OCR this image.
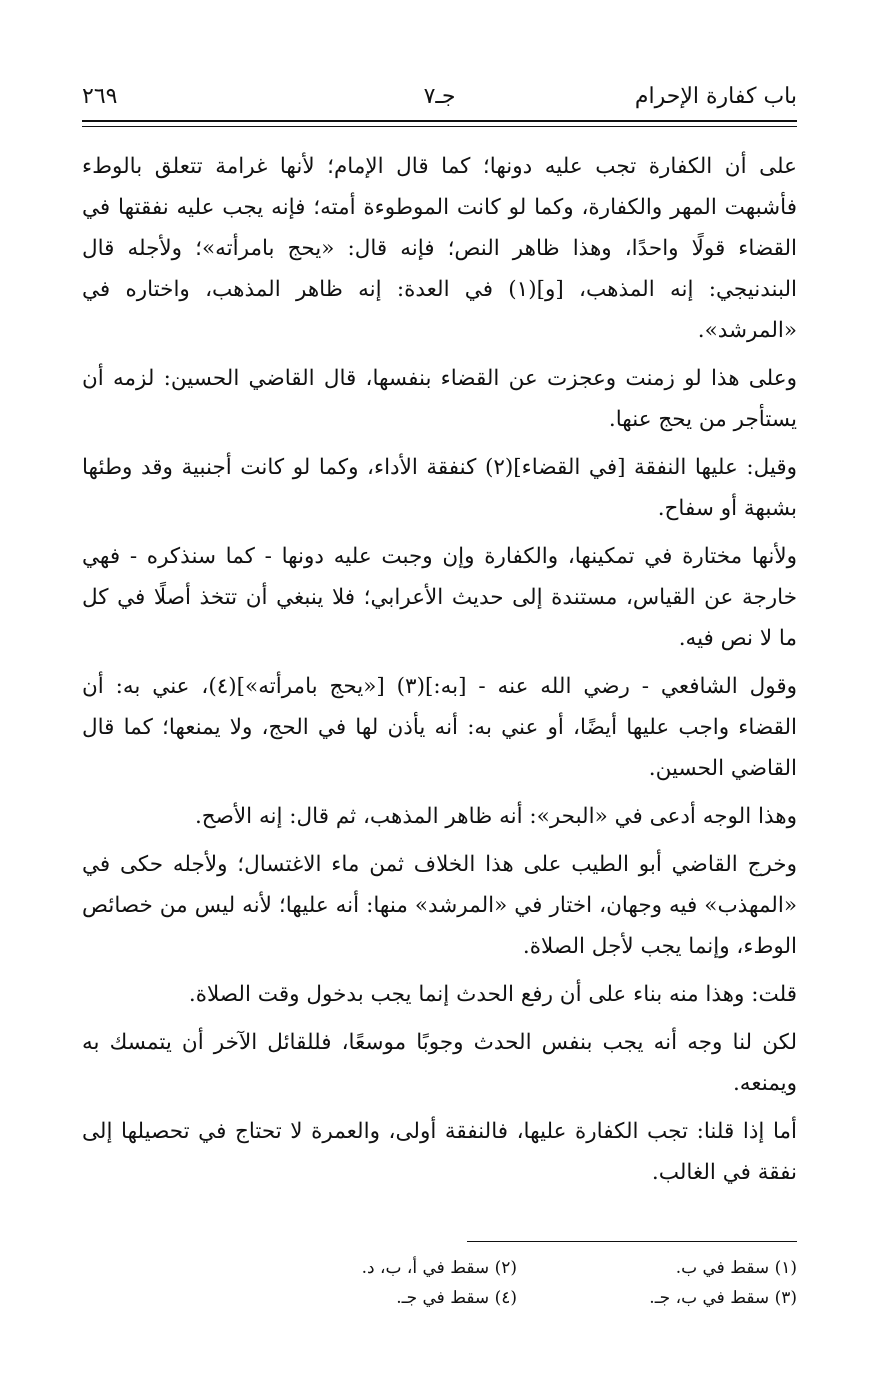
باب كفارة الإحرام
جـ٧
٢٦٩

على أن الكفارة تجب عليه دونها؛ كما قال الإمام؛ لأنها غرامة تتعلق بالوطء فأشبهت المهر والكفارة، وكما لو كانت الموطوءة أمته؛ فإنه يجب عليه نفقتها في القضاء قولًا واحدًا، وهذا ظاهر النص؛ فإنه قال: «يحج بامرأته»؛ ولأجله قال البندنيجي: إنه المذهب، [و](١) في العدة: إنه ظاهر المذهب، واختاره في «المرشد».

وعلى هذا لو زمنت وعجزت عن القضاء بنفسها، قال القاضي الحسين: لزمه أن يستأجر من يحج عنها.

وقيل: عليها النفقة [في القضاء](٢) كنفقة الأداء، وكما لو كانت أجنبية وقد وطئها بشبهة أو سفاح.

ولأنها مختارة في تمكينها، والكفارة وإن وجبت عليه دونها - كما سنذكره - فهي خارجة عن القياس، مستندة إلى حديث الأعرابي؛ فلا ينبغي أن تتخذ أصلًا في كل ما لا نص فيه.

وقول الشافعي - رضي الله عنه - [به:](٣) [«يحج بامرأته»](٤)، عني به: أن القضاء واجب عليها أيضًا، أو عني به: أنه يأذن لها في الحج، ولا يمنعها؛ كما قال القاضي الحسين.

وهذا الوجه أدعى في «البحر»: أنه ظاهر المذهب، ثم قال: إنه الأصح.

وخرج القاضي أبو الطيب على هذا الخلاف ثمن ماء الاغتسال؛ ولأجله حكى في «المهذب» فيه وجهان، اختار في «المرشد» منها: أنه عليها؛ لأنه ليس من خصائص الوطء، وإنما يجب لأجل الصلاة.

قلت: وهذا منه بناء على أن رفع الحدث إنما يجب بدخول وقت الصلاة.

لكن لنا وجه أنه يجب بنفس الحدث وجوبًا موسعًا، فللقائل الآخر أن يتمسك به ويمنعه.

أما إذا قلنا: تجب الكفارة عليها، فالنفقة أولى، والعمرة لا تحتاج في تحصيلها إلى نفقة في الغالب.

(١) سقط في ب.
(٢) سقط في أ، ب، د.
(٣) سقط في ب، جـ.
(٤) سقط في جـ.
